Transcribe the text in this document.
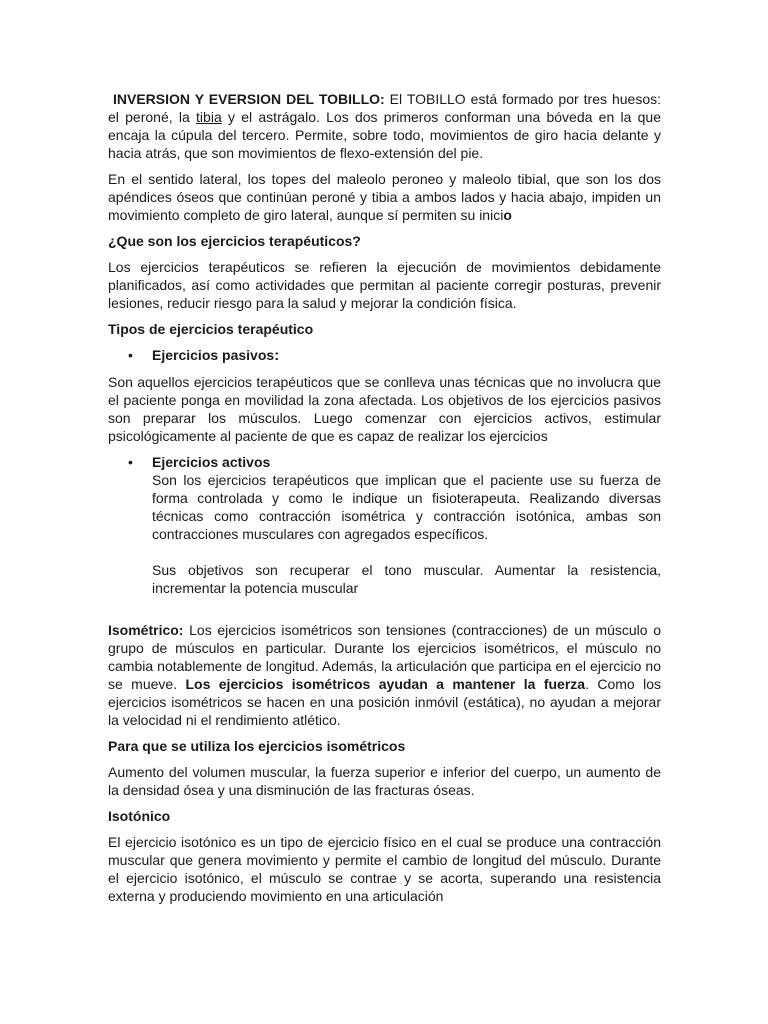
INVERSION Y EVERSION DEL TOBILLO: El TOBILLO está formado por tres huesos: el peroné, la tibia y el astrágalo. Los dos primeros conforman una bóveda en la que encaja la cúpula del tercero. Permite, sobre todo, movimientos de giro hacia delante y hacia atrás, que son movimientos de flexo-extensión del pie.

En el sentido lateral, los topes del maleolo peroneo y maleolo tibial, que son los dos apéndices óseos que continúan peroné y tibia a ambos lados y hacia abajo, impiden un movimiento completo de giro lateral, aunque sí permiten su inicio

¿Que son los ejercicios terapéuticos?

Los ejercicios terapéuticos se refieren la ejecución de movimientos debidamente planificados, así como actividades que permitan al paciente corregir posturas, prevenir lesiones, reducir riesgo para la salud y mejorar la condición física.

Tipos de ejercicios terapéutico

• Ejercicios pasivos:

Son aquellos ejercicios terapéuticos que se conlleva unas técnicas que no involucra que el paciente ponga en movilidad la zona afectada. Los objetivos de los ejercicios pasivos son preparar los músculos. Luego comenzar con ejercicios activos, estimular psicológicamente al paciente de que es capaz de realizar los ejercicios

• Ejercicios activos

Son los ejercicios terapéuticos que implican que el paciente use su fuerza de forma controlada y como le indique un fisioterapeuta. Realizando diversas técnicas como contracción isométrica y contracción isotónica, ambas son contracciones musculares con agregados específicos.

Sus objetivos son recuperar el tono muscular. Aumentar la resistencia, incrementar la potencia muscular

Isométrico: Los ejercicios isométricos son tensiones (contracciones) de un músculo o grupo de músculos en particular. Durante los ejercicios isométricos, el músculo no cambia notablemente de longitud. Además, la articulación que participa en el ejercicio no se mueve. Los ejercicios isométricos ayudan a mantener la fuerza. Como los ejercicios isométricos se hacen en una posición inmóvil (estática), no ayudan a mejorar la velocidad ni el rendimiento atlético.

Para que se utiliza los ejercicios isométricos

Aumento del volumen muscular, la fuerza superior e inferior del cuerpo, un aumento de la densidad ósea y una disminución de las fracturas óseas.

Isotónico

El ejercicio isotónico es un tipo de ejercicio físico en el cual se produce una contracción muscular que genera movimiento y permite el cambio de longitud del músculo. Durante el ejercicio isotónico, el músculo se contrae y se acorta, superando una resistencia externa y produciendo movimiento en una articulación
